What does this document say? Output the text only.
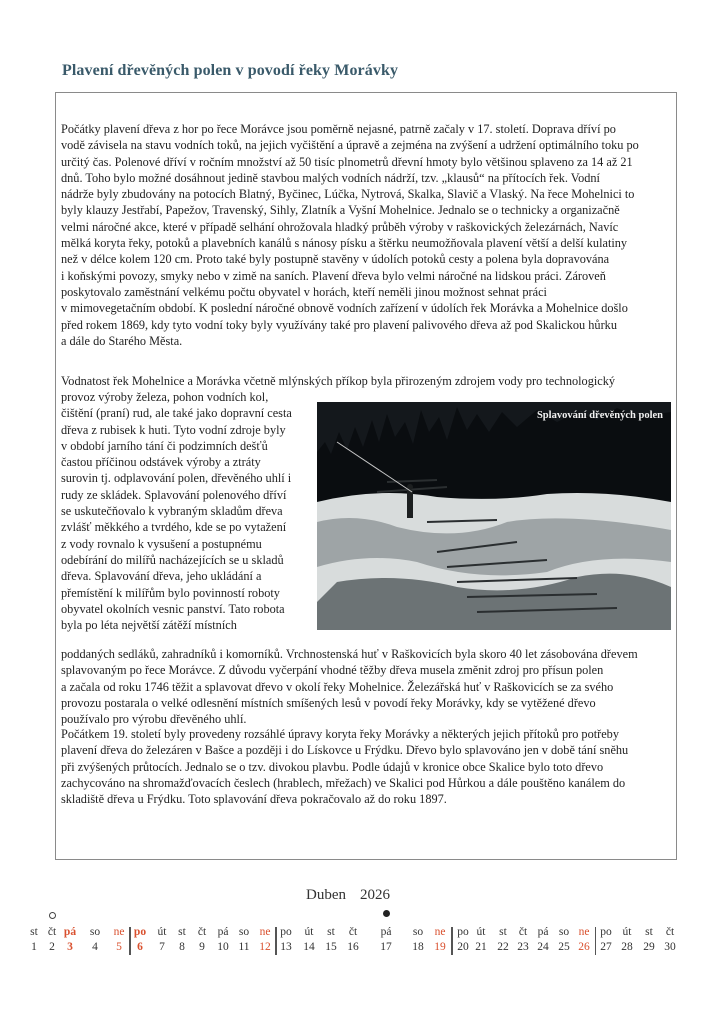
Plavení dřevěných polen v povodí řeky Morávky
Počátky plavení dřeva z hor po řece Morávce jsou poměrně nejasné, patrně začaly v 17. století. Doprava dříví po
vodě závisela na stavu vodních toků, na jejich vyčištění a úpravě a zejména na zvýšení a udržení optimálního toku po
určitý čas. Polenové dříví v ročním množství až 50 tisíc plnometrů dřevní hmoty bylo většinou splaveno za 14 až 21
dnů. Toho bylo možné dosáhnout jedině stavbou malých vodních nádrží, tzv. „klausů“ na přítocích řek. Vodní
nádrže byly zbudovány na potocích Blatný, Byčinec, Lúčka, Nytrová, Skalka, Slavič a Vlaský. Na řece Mohelnici to
byly klauzy Jestřabí, Papežov, Travenský, Sihly, Zlatník a Vyšní Mohelnice. Jednalo se o technicky a organizačně
velmi náročné akce, které v případě selhání ohrožovala hladký průběh výroby v raškovických železárnách, Navíc
mělká koryta řeky, potoků a plavebních kanálů s nánosy písku a štěrku neumožňovala plavení větší a delší kulatiny
než v délce kolem 120 cm. Proto také byly postupně stavěny v údolích potoků cesty a polena byla dopravována
i koňskými povozy, smyky nebo v zimě na saních. Plavení dřeva bylo velmi náročné na lidskou práci. Zároveň
poskytovalo zaměstnání velkému počtu obyvatel v horách, kteří neměli jinou možnost sehnat práci
v mimovegetačním období. K poslední náročné obnově vodních zařízení v údolích řek Morávka a Mohelnice došlo
před rokem 1869, kdy tyto vodní toky byly využívány také pro plavení palivového dřeva až pod Skalickou hůrku
a dále do Starého Města.
Vodnatost řek Mohelnice a Morávka včetně mlýnských příkop byla přirozeným zdrojem vody pro technologický
provoz výroby železa, pohon vodních kol,
čištění (praní) rud, ale také jako dopravní cesta
dřeva z rubisek k huti. Tyto vodní zdroje byly
v období jarního tání či podzimních dešťů
častou příčinou odstávek výroby a ztráty
surovin tj. odplavování polen, dřevěného uhlí i
rudy ze skládek. Splavování polenového dříví
se uskutečňovalo k vybraným skladům dřeva
zvlášť měkkého a tvrdého, kde se po vytažení
z vody rovnalo k vysušení a postupnému
odebírání do milířů nacházejících se u skladů
dřeva. Splavování dřeva, jeho ukládání a
přemístění k milířům bylo povinností roboty
obyvatel okolních vesnic panství. Tato robota
byla po léta největší zátěží místních
Splavování dřevěných polen
poddaných sedláků, zahradníků i komorníků. Vrchnostenská huť v Raškovicích byla skoro 40 let zásobována dřevem
splavovaným po řece Morávce. Z důvodu vyčerpání vhodné těžby dřeva musela změnit zdroj pro přísun polen
a začala od roku 1746 těžit a splavovat dřevo v okolí řeky Mohelnice. Železářská huť v Raškovicích se za svého
provozu postarala o velké odlesnění místních smíšených lesů v povodí řeky Morávky, kdy se vytěžené dřevo
používalo pro výrobu dřevěného uhlí.
Počátkem 19. století byly provedeny rozsáhlé úpravy koryta řeky Morávky a některých jejich přítoků pro potřeby
plavení dřeva do železáren v Bašce a později i do Lískovce u Frýdku. Dřevo bylo splavováno jen v době tání sněhu
při zvýšených průtocích. Jednalo se o tzv. divokou plavbu. Podle údajů v kronice obce Skalice bylo toto dřevo
zachycováno na shromažďovacích česlech (hrablech, mřežach) ve Skalici pod Hůrkou a dále pouštěno kanálem do
skladiště dřeva u Frýdku. Toto splavování dřeva pokračovalo až do roku 1897.
Duben 2026
st
1
čt
2
pá
3
so
4
ne
5
po
6
út
7
st
8
čt
9
pá
10
so
11
ne
12
po
13
út
14
st
15
čt
16
pá
17
so
18
ne
19
po
20
út
21
st
22
čt
23
pá
24
so
25
ne
26
po
27
út
28
st
29
čt
30
